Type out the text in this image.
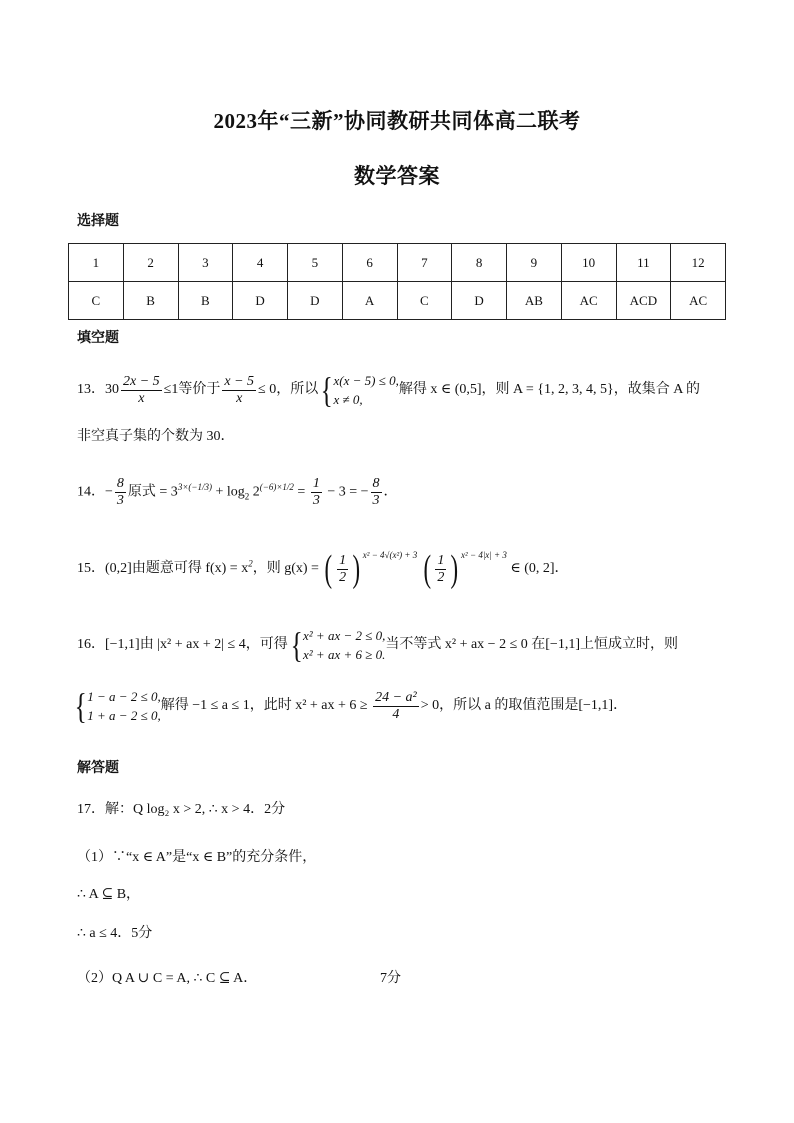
2023年“三新”协同教研共同体高二联考
数学答案
选择题
1	2	3	4	5	6	7	8	9	10	11	12
C	B	B	D	D	A	C	D	AB	AC	ACD	AC
填空题
13．$30 \frac{2x - 5}{x} \le 1$等价于 $\frac{x - 5}{x} \le 0$，所以{ x(x − 5) ≤ 0,
x ≠ 0,
解得 x ∈ (0,5]，则 A = {1, 2, 3, 4, 5}，故集合 A 的
非空真子集的个数为 30．
14．− $\frac{8}{3}$ 原式 = $3^{3\times(-1/3)} + \log_2 2^{(-6)\times 1/2} = \frac{1}{3} - 3$ = − $\frac{8}{3}$ ．
15．(0,2]由题意可得 $f(x) = x^2$，则 g(x) = ( $\frac{1}{2}$ ) $^{x^2 - 4√(x^2) + 3}$ ( $\frac{1}{2}$ ) $^{x^2 - 4|x| + 3}$ ∈ (0, 2]．
16．[−1,1]由 |x² + ax + 2| ≤ 4，可得{ x² + ax − 2 ≤ 0,
x² + ax + 6 ≥ 0.
当不等式 x² + ax − 2 ≤ 0 在[−1,1]上恒成立时，则
{ 1 − a − 2 ≤ 0,
1 + a − 2 ≤ 0,
解得 −1 ≤ a ≤ 1，此时 x² + ax + $6 \ge \frac{\text{24 − a²}}{4} > 0$，所以 a 的取值范围是[−1,1]．
解答题
17．解：Q log₂ x > 2, ∴ x > 4．2分
（1）∵“x ∈ A”是“x ∈ B”的充分条件，
∴ A ⊆ B，
∴ a ≤ 4．5分
（2）Q A ∪ C = A, ∴ C ⊆ A．	7分
